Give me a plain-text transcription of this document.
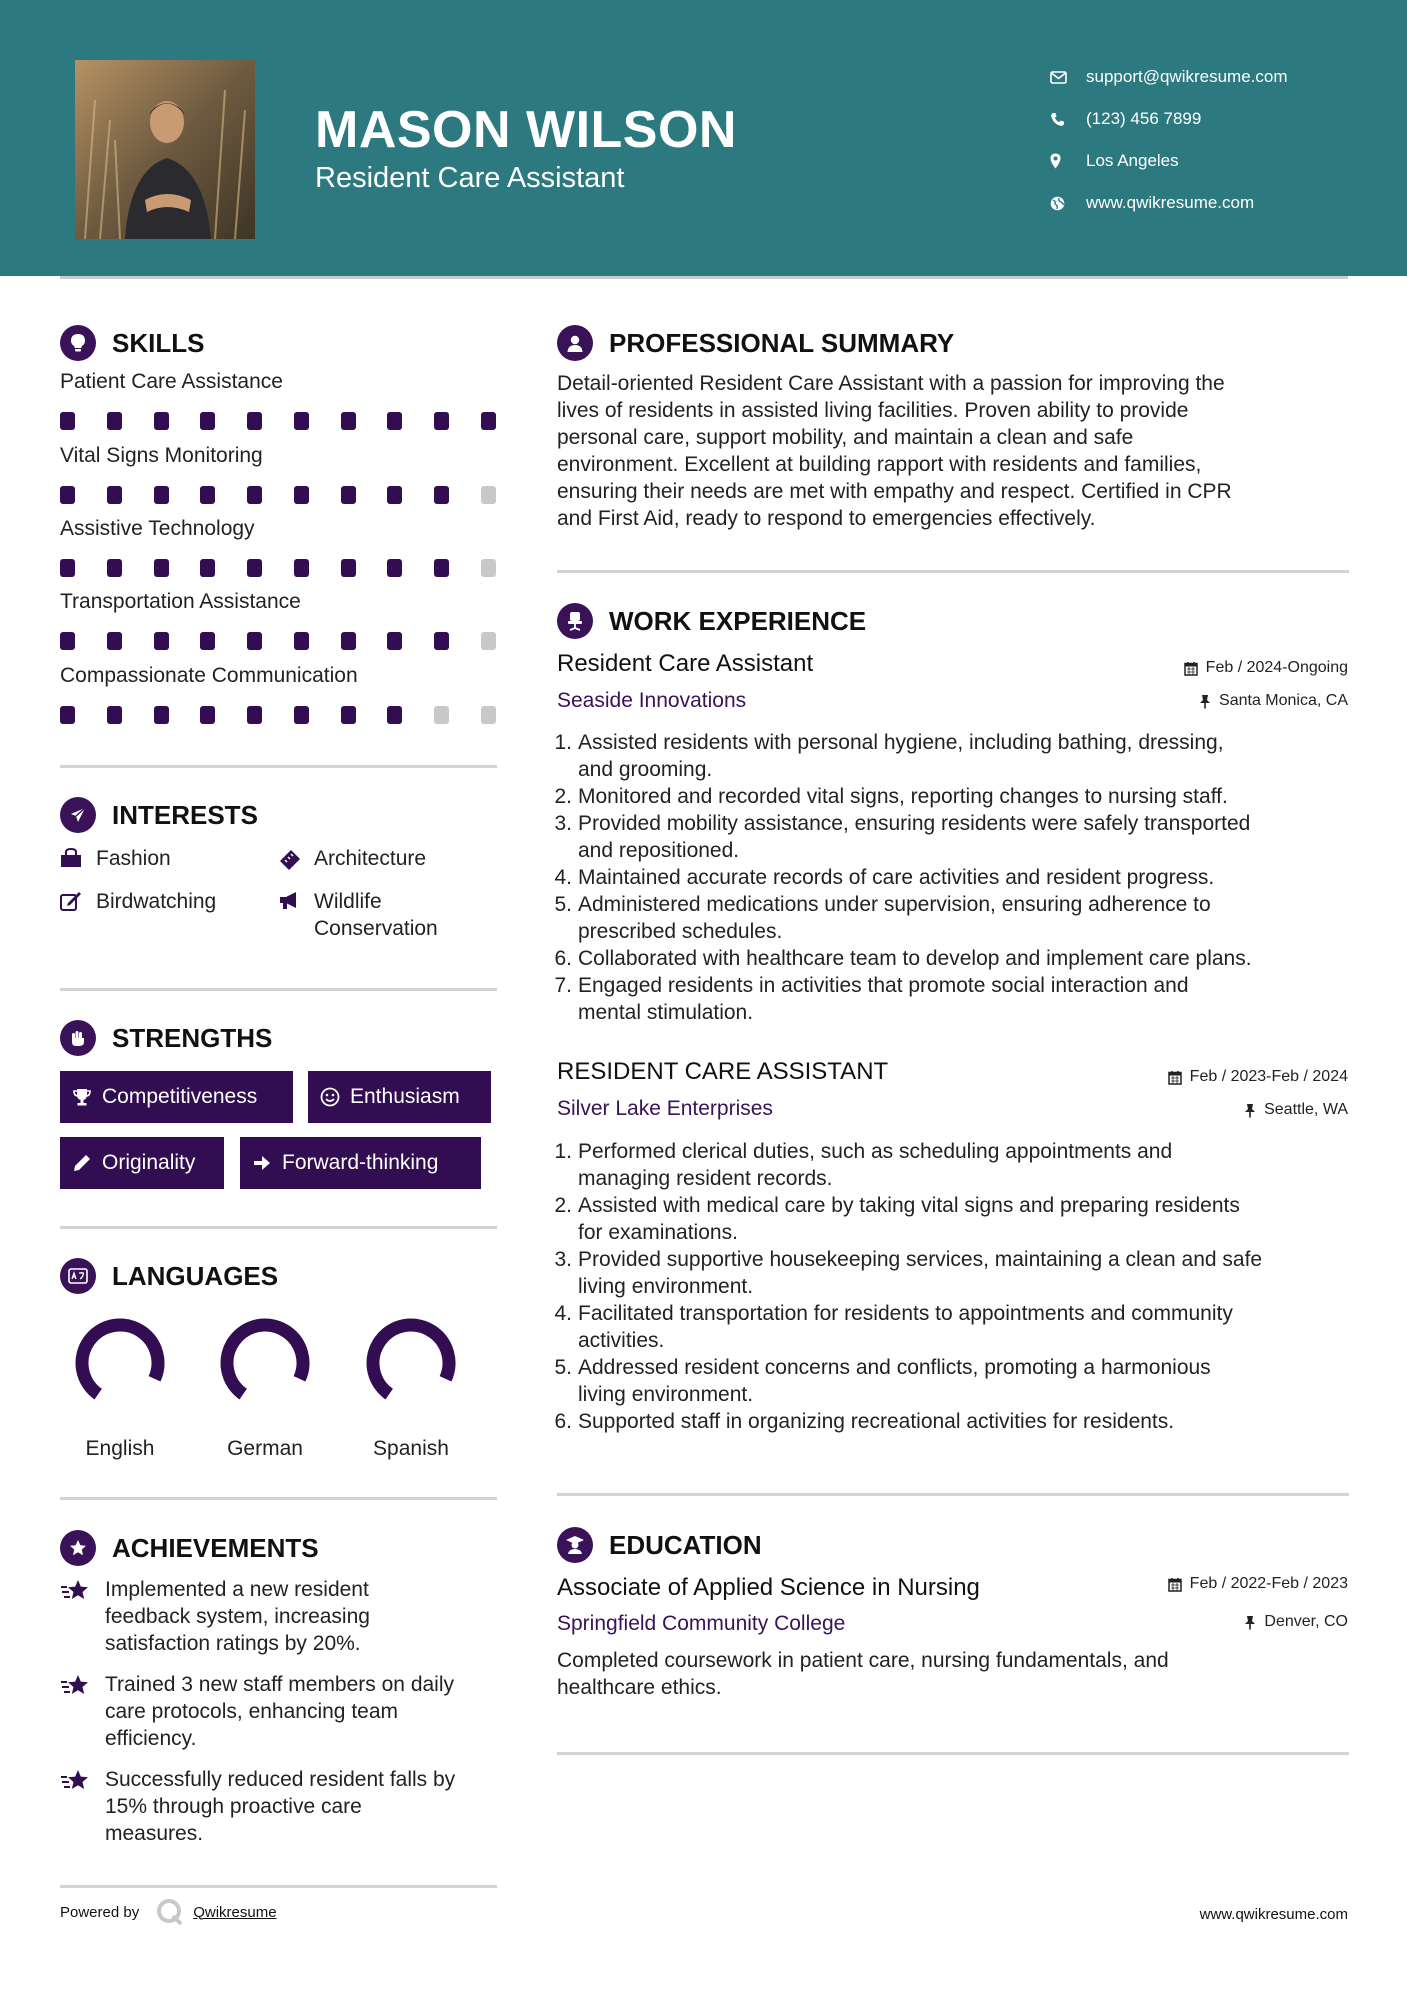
MASON WILSON
Resident Care Assistant
support@qwikresume.com
(123) 456 7899
Los Angeles
www.qwikresume.com
SKILLS
Patient Care Assistance
Vital Signs Monitoring
Assistive Technology
Transportation Assistance
Compassionate Communication
INTERESTS
Fashion	Architecture
Birdwatching	Wildlife
Conservation
STRENGTHS
Competitiveness	Enthusiasm
Originality	Forward-thinking
LANGUAGES
English	German	Spanish
ACHIEVEMENTS
Implemented a new resident
feedback system, increasing
satisfaction ratings by 20%.
Trained 3 new staff members on daily
care protocols, enhancing team
efficiency.
Successfully reduced resident falls by
15% through proactive care
measures.
PROFESSIONAL SUMMARY
Detail-oriented Resident Care Assistant with a passion for improving the
lives of residents in assisted living facilities. Proven ability to provide
personal care, support mobility, and maintain a clean and safe
environment. Excellent at building rapport with residents and families,
ensuring their needs are met with empathy and respect. Certified in CPR
and First Aid, ready to respond to emergencies effectively.
WORK EXPERIENCE
Resident Care Assistant
Seaside Innovations
Feb / 2024-Ongoing
Santa Monica, CA
1. Assisted residents with personal hygiene, including bathing, dressing,
and grooming.
2. Monitored and recorded vital signs, reporting changes to nursing staff.
3. Provided mobility assistance, ensuring residents were safely transported
and repositioned.
4. Maintained accurate records of care activities and resident progress.
5. Administered medications under supervision, ensuring adherence to
prescribed schedules.
6. Collaborated with healthcare team to develop and implement care plans.
7. Engaged residents in activities that promote social interaction and
mental stimulation.
RESIDENT CARE ASSISTANT
Silver Lake Enterprises
Feb / 2023-Feb / 2024
Seattle, WA
1. Performed clerical duties, such as scheduling appointments and
managing resident records.
2. Assisted with medical care by taking vital signs and preparing residents
for examinations.
3. Provided supportive housekeeping services, maintaining a clean and safe
living environment.
4. Facilitated transportation for residents to appointments and community
activities.
5. Addressed resident concerns and conflicts, promoting a harmonious
living environment.
6. Supported staff in organizing recreational activities for residents.
EDUCATION
Associate of Applied Science in Nursing
Springfield Community College
Feb / 2022-Feb / 2023
Denver, CO
Completed coursework in patient care, nursing fundamentals, and
healthcare ethics.
Powered by	Qwikresume	www.qwikresume.com
